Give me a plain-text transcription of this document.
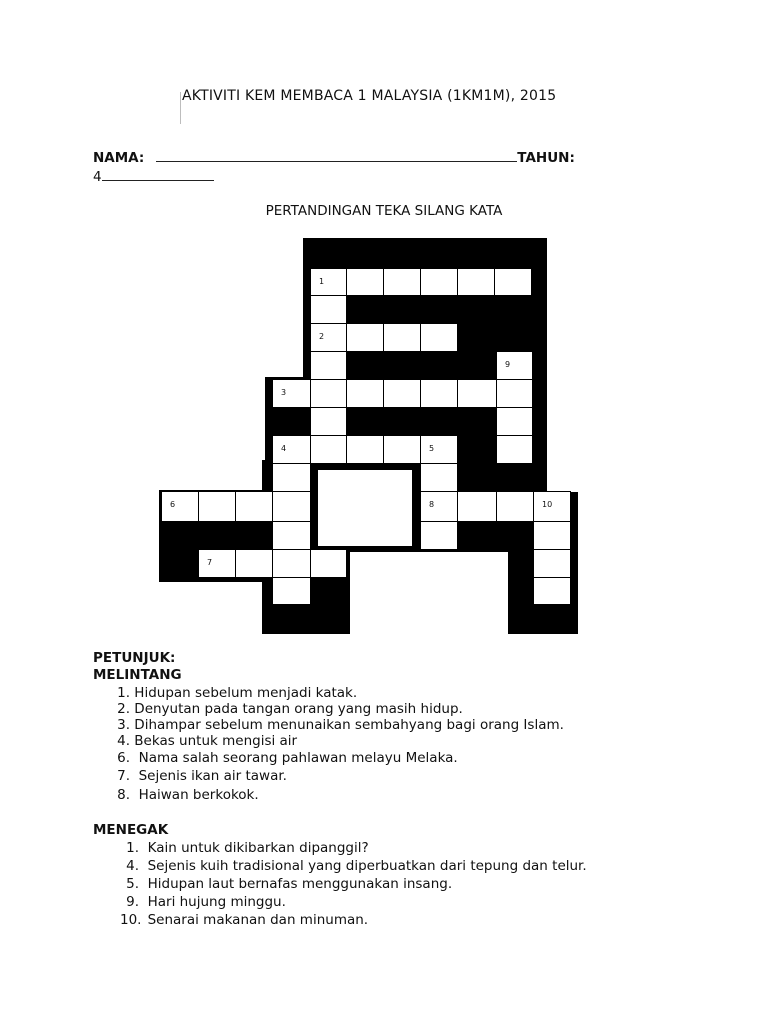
AKTIVITI KEM MEMBACA 1 MALAYSIA (1KM1M), 2015
NAMA:	TAHUN:
4
PERTANDINGAN TEKA SILANG KATA
1
2
9
3
4	5
6	8	10
7
PETUNJUK:
MELINTANG
1. Hidupan sebelum menjadi katak.
2. Denyutan pada tangan orang yang masih hidup.
3. Dihampar sebelum menunaikan sembahyang bagi orang Islam.
4. Bekas untuk mengisi air
6. Nama salah seorang pahlawan melayu Melaka.
7. Sejenis ikan air tawar.
8. Haiwan berkokok.
MENEGAK
1. Kain untuk dikibarkan dipanggil?
4. Sejenis kuih tradisional yang diperbuatkan dari tepung dan telur.
5. Hidupan laut bernafas menggunakan insang.
9. Hari hujung minggu.
10. Senarai makanan dan minuman.
